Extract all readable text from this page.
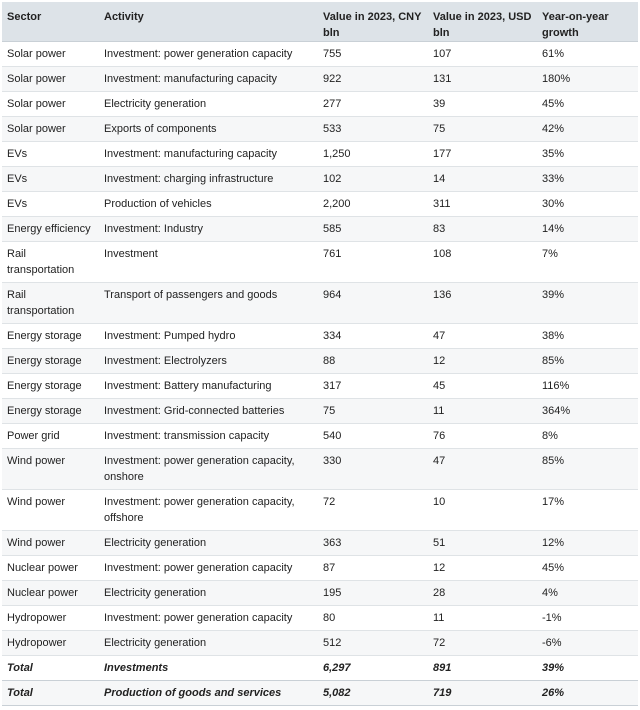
Sector	Activity	Value in 2023, CNY bln	Value in 2023, USD bln	Year-on-year growth
Solar power	Investment: power generation capacity	755	107	61%
Solar power	Investment: manufacturing capacity	922	131	180%
Solar power	Electricity generation	277	39	45%
Solar power	Exports of components	533	75	42%
EVs	Investment: manufacturing capacity	1,250	177	35%
EVs	Investment: charging infrastructure	102	14	33%
EVs	Production of vehicles	2,200	311	30%
Energy efficiency	Investment: Industry	585	83	14%
Rail transportation	Investment	761	108	7%
Rail transportation	Transport of passengers and goods	964	136	39%
Energy storage	Investment: Pumped hydro	334	47	38%
Energy storage	Investment: Electrolyzers	88	12	85%
Energy storage	Investment: Battery manufacturing	317	45	116%
Energy storage	Investment: Grid-connected batteries	75	11	364%
Power grid	Investment: transmission capacity	540	76	8%
Wind power	Investment: power generation capacity, onshore	330	47	85%
Wind power	Investment: power generation capacity, offshore	72	10	17%
Wind power	Electricity generation	363	51	12%
Nuclear power	Investment: power generation capacity	87	12	45%
Nuclear power	Electricity generation	195	28	4%
Hydropower	Investment: power generation capacity	80	11	-1%
Hydropower	Electricity generation	512	72	-6%
Total	Investments	6,297	891	39%
Total	Production of goods and services	5,082	719	26%
